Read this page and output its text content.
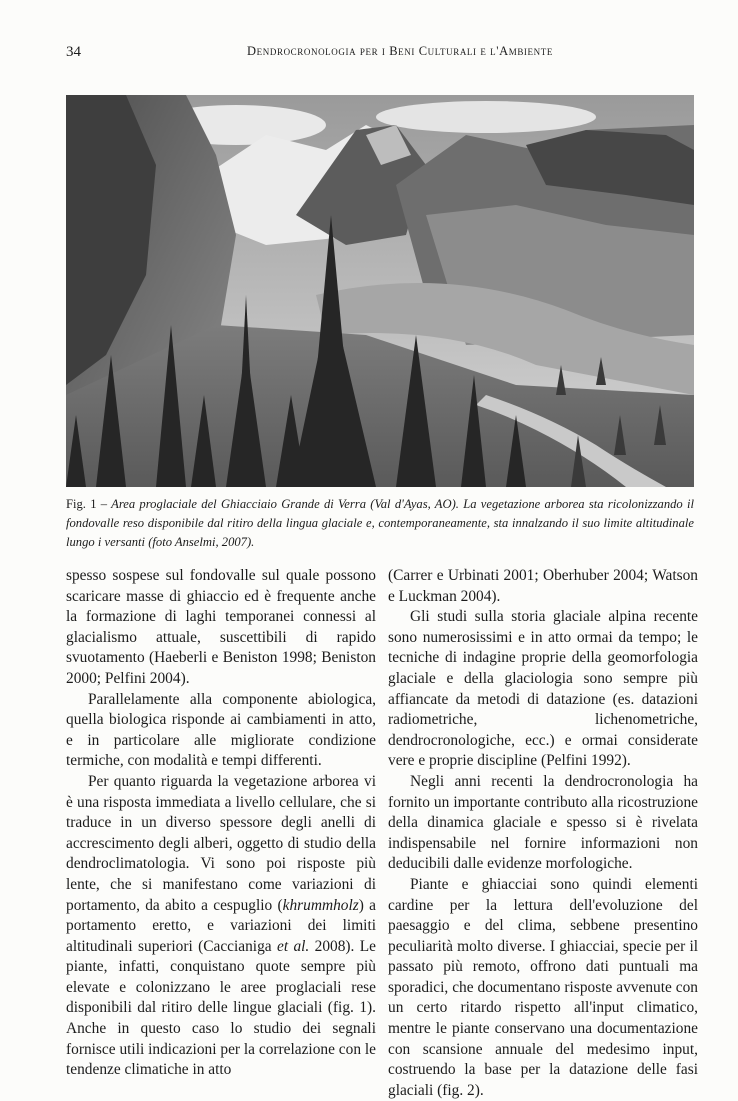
34	Dendrocronologia per i Beni Culturali e l'Ambiente
Fig. 1 – Area proglaciale del Ghiacciaio Grande di Verra (Val d'Ayas, AO). La vegetazione arborea sta ricolonizzando il fondovalle reso disponibile dal ritiro della lingua glaciale e, contemporaneamente, sta innalzando il suo limite altitudinale lungo i versanti (foto Anselmi, 2007).

spesso sospese sul fondovalle sul quale possono scaricare masse di ghiaccio ed è frequente anche la formazione di laghi temporanei connessi al glacialismo attuale, suscettibili di rapido svuotamento (Haeberli e Beniston 1998; Beniston 2000; Pelfini 2004).

Parallelamente alla componente abiologica, quella biologica risponde ai cambiamenti in atto, e in particolare alle migliorate condizione termiche, con modalità e tempi differenti.

Per quanto riguarda la vegetazione arborea vi è una risposta immediata a livello cellulare, che si traduce in un diverso spessore degli anelli di accrescimento degli alberi, oggetto di studio della dendroclimatologia. Vi sono poi risposte più lente, che si manifestano come variazioni di portamento, da abito a cespuglio (khrummholz) a portamento eretto, e variazioni dei limiti altitudinali superiori (Caccianiga et al. 2008). Le piante, infatti, conquistano quote sempre più elevate e colonizzano le aree proglaciali rese disponibili dal ritiro delle lingue glaciali (fig. 1). Anche in questo caso lo studio dei segnali fornisce utili indicazioni per la correlazione con le tendenze climatiche in atto

(Carrer e Urbinati 2001; Oberhuber 2004; Watson e Luckman 2004).

Gli studi sulla storia glaciale alpina recente sono numerosissimi e in atto ormai da tempo; le tecniche di indagine proprie della geomorfologia glaciale e della glaciologia sono sempre più affiancate da metodi di datazione (es. datazioni radiometriche, lichenometriche, dendrocronologiche, ecc.) e ormai considerate vere e proprie discipline (Pelfini 1992).

Negli anni recenti la dendrocronologia ha fornito un importante contributo alla ricostruzione della dinamica glaciale e spesso si è rivelata indispensabile nel fornire informazioni non deducibili dalle evidenze morfologiche.

Piante e ghiacciai sono quindi elementi cardine per la lettura dell'evoluzione del paesaggio e del clima, sebbene presentino peculiarità molto diverse. I ghiacciai, specie per il passato più remoto, offrono dati puntuali ma sporadici, che documentano risposte avvenute con un certo ritardo rispetto all'input climatico, mentre le piante conservano una documentazione con scansione annuale del medesimo input, costruendo la base per la datazione delle fasi glaciali (fig. 2).
